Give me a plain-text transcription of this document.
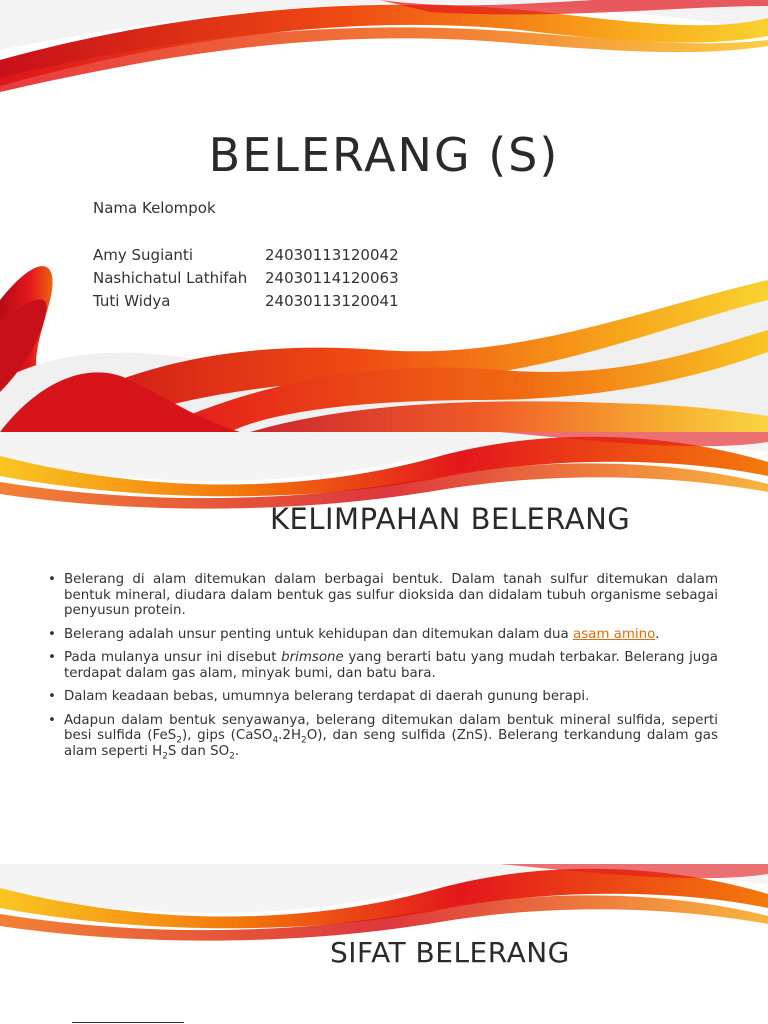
BELERANG (S)
Nama Kelompok
Amy Sugianti	24030113120042
Nashichatul Lathifah 24030114120063
Tuti Widya	24030113120041
KELIMPAHAN BELERANG
• Belerang di alam ditemukan dalam berbagai bentuk. Dalam tanah sulfur ditemukan dalam bentuk mineral, diudara dalam bentuk gas sulfur dioksida dan didalam tubuh organisme sebagai penyusun protein.
• Belerang adalah unsur penting untuk kehidupan dan ditemukan dalam dua asam amino.
• Pada mulanya unsur ini disebut brimsone yang berarti batu yang mudah terbakar. Belerang juga terdapat dalam gas alam, minyak bumi, dan batu bara.
• Dalam keadaan bebas, umumnya belerang terdapat di daerah gunung berapi.
• Adapun dalam bentuk senyawanya, belerang ditemukan dalam bentuk mineral sulfida, seperti besi sulfida (FeS$_2$), gips $(CaSO_4.2H_2O)$, dan seng sulfida (ZnS). Belerang terkandung dalam gas alam seperti $H_2S$ dan $SO_2$.
SIFAT BELERANG
